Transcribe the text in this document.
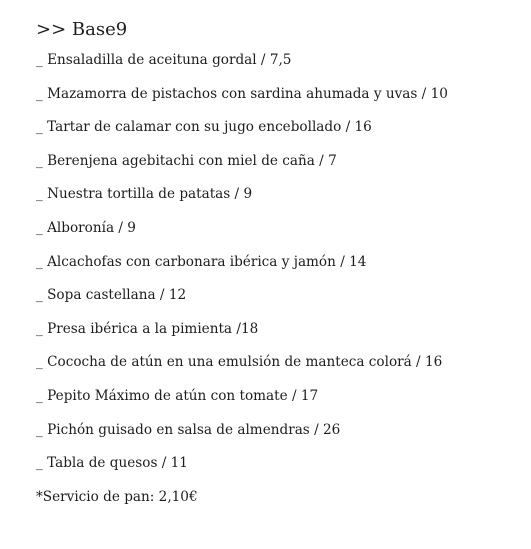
>> Base9
_ Ensaladilla de aceituna gordal / 7,5
_ Mazamorra de pistachos con sardina ahumada y uvas / 10
_ Tartar de calamar con su jugo encebollado / 16
_ Berenjena agebitachi con miel de caña / 7
_ Nuestra tortilla de patatas / 9
_ Alboronía / 9
_ Alcachofas con carbonara ibérica y jamón / 14
_ Sopa castellana / 12
_ Presa ibérica a la pimienta /18
_ Cococha de atún en una emulsión de manteca colorá / 16
_ Pepito Máximo de atún con tomate / 17
_ Pichón guisado en salsa de almendras / 26
_ Tabla de quesos / 11
*Servicio de pan: 2,10€
